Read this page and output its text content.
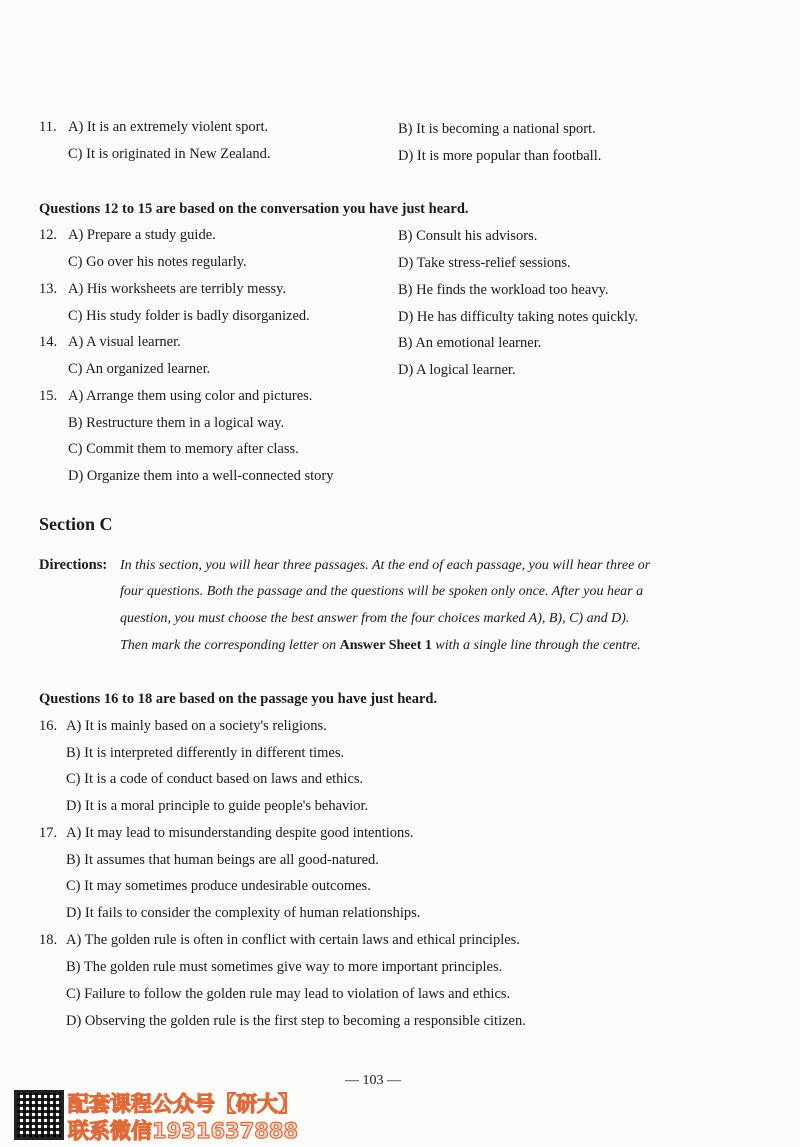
11. A) It is an extremely violent sport.	B) It is becoming a national sport.
C) It is originated in New Zealand.	D) It is more popular than football.
Questions 12 to 15 are based on the conversation you have just heard.
12. A) Prepare a study guide.	B) Consult his advisors.
C) Go over his notes regularly.	D) Take stress-relief sessions.
13. A) His worksheets are terribly messy.	B) He finds the workload too heavy.
C) His study folder is badly disorganized.	D) He has difficulty taking notes quickly.
14. A) A visual learner.	B) An emotional learner.
C) An organized learner.	D) A logical learner.
15. A) Arrange them using color and pictures.
B) Restructure them in a logical way.
C) Commit them to memory after class.
D) Organize them into a well-connected story
Section C
Directions: In this section, you will hear three passages. At the end of each passage, you will hear three or
four questions. Both the passage and the questions will be spoken only once. After you hear a
question, you must choose the best answer from the four choices marked A), B), C) and D).
Then mark the corresponding letter on Answer Sheet 1 with a single line through the centre.
Questions 16 to 18 are based on the passage you have just heard.
16. A) It is mainly based on a society's religions.
B) It is interpreted differently in different times.
C) It is a code of conduct based on laws and ethics.
D) It is a moral principle to guide people's behavior.
17. A) It may lead to misunderstanding despite good intentions.
B) It assumes that human beings are all good-natured.
C) It may sometimes produce undesirable outcomes.
D) It fails to consider the complexity of human relationships.
18. A) The golden rule is often in conflict with certain laws and ethical principles.
B) The golden rule must sometimes give way to more important principles.
C) Failure to follow the golden rule may lead to violation of laws and ethics.
D) Observing the golden rule is the first step to becoming a responsible citizen.
— 103 —
配套课程公众号【研大】
联系微信1931637888
